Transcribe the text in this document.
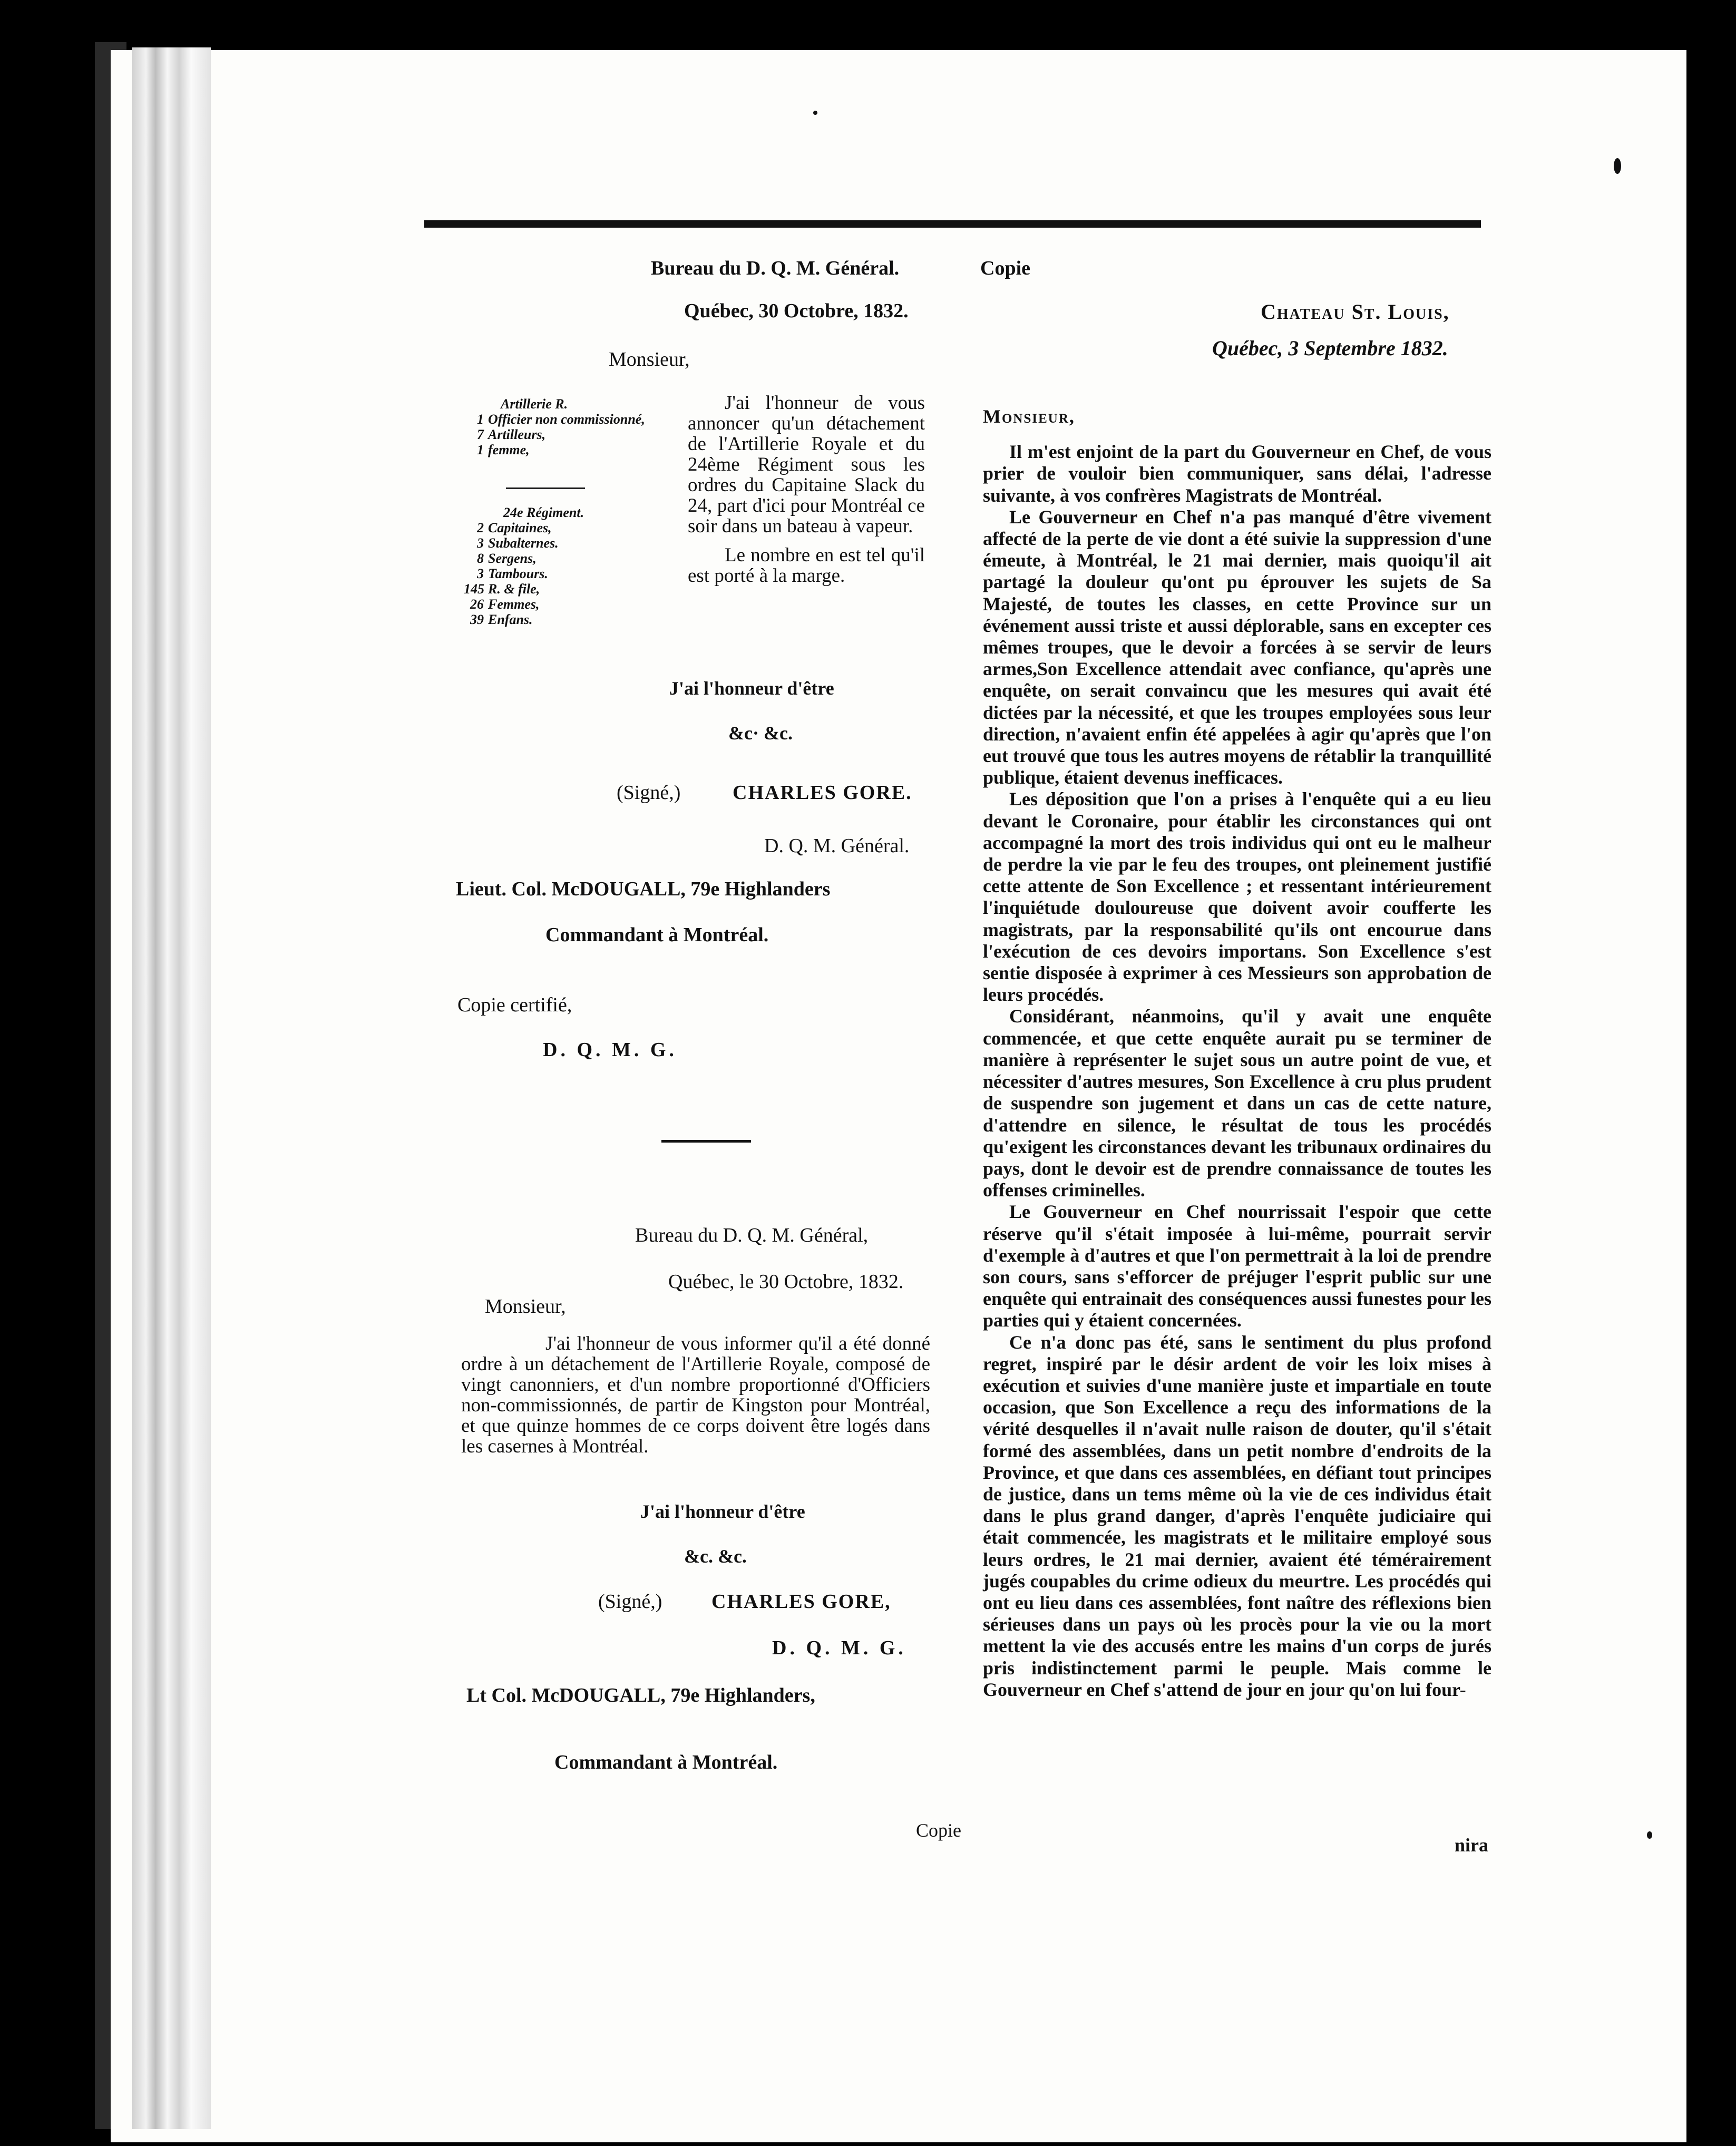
Bureau du D. Q. M. Général.
Québec, 30 Octobre, 1832.
Monsieur,
Artillerie R.
1 Officier non commissionné,
7 Artilleurs,
1 femme,
24e Régiment.
2 Capitaines,
3 Subalternes.
8 Sergens,
3 Tambours.
145 R. & file,
26 Femmes,
39 Enfans.

J'ai l'honneur de vous annoncer qu'un détachement de l'Artillerie Royale et du 24ème Régiment sous les ordres du Capitaine Slack du 24, part d'ici pour Montréal ce soir dans un bateau à vapeur.

Le nombre en est tel qu'il est porté à la marge.

J'ai l'honneur d'être
&c· &c.
(Signé,)	CHARLES GORE.
D. Q. M. Général.
Lieut. Col. McDOUGALL, 79e Highlanders
Commandant à Montréal.
Copie certifié,
D. Q. M. G.
Bureau du D. Q. M. Général,
Québec, le 30 Octobre, 1832.
Monsieur,

J'ai l'honneur de vous informer qu'il a été donné ordre à un détachement de l'Artillerie Royale, composé de vingt canonniers, et d'un nombre proportionné d'Officiers non-commissionnés, de partir de Kingston pour Montréal, et que quinze hommes de ce corps doivent être logés dans les casernes à Montréal.

J'ai l'honneur d'être
&c. &c.
(Signé,) CHARLES GORE,
D. Q. M. G.
Lt Col. McDOUGALL, 79e Highlanders,
Commandant à Montréal.
Copie
Copie
Chateau St. Louis,
Québec, 3 Septembre 1832.

Monsieur,

Il m'est enjoint de la part du Gouverneur en Chef, de vous prier de vouloir bien communiquer, sans délai, l'adresse suivante, à vos confrères Magistrats de Montréal.

Le Gouverneur en Chef n'a pas manqué d'être vivement affecté de la perte de vie dont a été suivie la suppression d'une émeute, à Montréal, le 21 mai dernier, mais quoiqu'il ait partagé la douleur qu'ont pu éprouver les sujets de Sa Majesté, de toutes les classes, en cette Province sur un événement aussi triste et aussi déplorable, sans en excepter ces mêmes troupes, que le devoir a forcées à se servir de leurs armes,Son Excellence attendait avec confiance, qu'après une enquête, on serait convaincu que les mesures qui avait été dictées par la nécessité, et que les troupes employées sous leur direction, n'avaient enfin été appelées à agir qu'après que l'on eut trouvé que tous les autres moyens de rétablir la tranquillité publique, étaient devenus inefficaces.

Les déposition que l'on a prises à l'enquête qui a eu lieu devant le Coronaire, pour établir les circonstances qui ont accompagné la mort des trois individus qui ont eu le malheur de perdre la vie par le feu des troupes, ont pleinement justifié cette attente de Son Excellence ; et ressentant intérieurement l'inquiétude douloureuse que doivent avoir coufferte les magistrats, par la responsabilité qu'ils ont encourue dans l'exécution de ces devoirs importans. Son Excellence s'est sentie disposée à exprimer à ces Messieurs son approbation de leurs procédés.

Considérant, néanmoins, qu'il y avait une enquête commencée, et que cette enquête aurait pu se terminer de manière à représenter le sujet sous un autre point de vue, et nécessiter d'autres mesures, Son Excellence à cru plus prudent de suspendre son jugement et dans un cas de cette nature, d'attendre en silence, le résultat de tous les procédés qu'exigent les circonstances devant les tribunaux ordinaires du pays, dont le devoir est de prendre connaissance de toutes les offenses criminelles.

Le Gouverneur en Chef nourrissait l'espoir que cette réserve qu'il s'était imposée à lui-même, pourrait servir d'exemple à d'autres et que l'on permettrait à la loi de prendre son cours, sans s'efforcer de préjuger l'esprit public sur une enquête qui entrainait des conséquences aussi funestes pour les parties qui y étaient concernées.

Ce n'a donc pas été, sans le sentiment du plus profond regret, inspiré par le désir ardent de voir les loix mises à exécution et suivies d'une manière juste et impartiale en toute occasion, que Son Excellence a reçu des informations de la vérité desquelles il n'avait nulle raison de douter, qu'il s'était formé des assemblées, dans un petit nombre d'endroits de la Province, et que dans ces assemblées, en défiant tout principes de justice, dans un tems même où la vie de ces individus était dans le plus grand danger, d'après l'enquête judiciaire qui était commencée, les magistrats et le militaire employé sous leurs ordres, le 21 mai dernier, avaient été témérairement jugés coupables du crime odieux du meurtre. Les procédés qui ont eu lieu dans ces assemblées, font naître des réflexions bien sérieuses dans un pays où les procès pour la vie ou la mort mettent la vie des accusés entre les mains d'un corps de jurés pris indistinctement parmi le peuple. Mais comme le Gouverneur en Chef s'attend de jour en jour qu'on lui four-

nira
